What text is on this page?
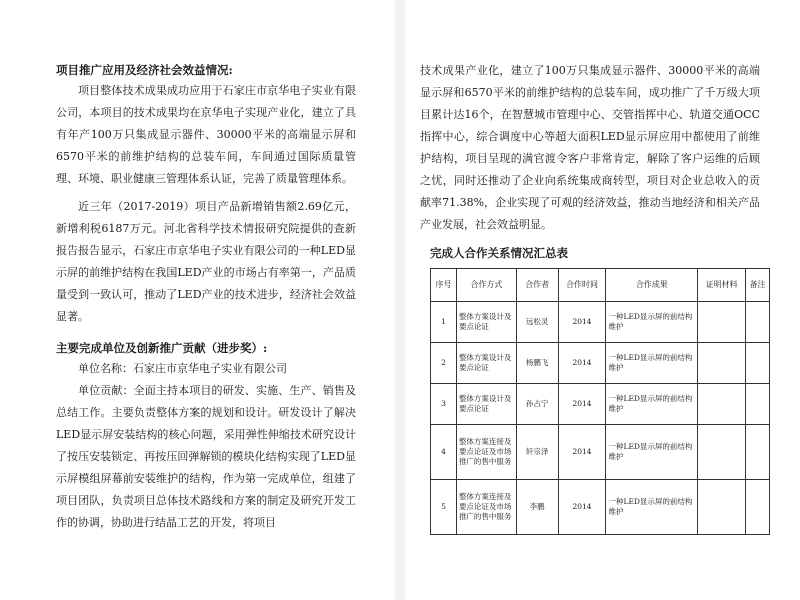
项目推广应用及经济社会效益情况:

项目整体技术成果成功应用于石家庄市京华电子实业有限公司，本项目的技术成果均在京华电子实现产业化，建立了具有年产100万只集成显示器件、30000平米的高端显示屏和6570平米的前维护结构的总装车间，车间通过国际质量管理、环境、职业健康三管理体系认证，完善了质量管理体系。

近三年（2017-2019）项目产品新增销售额2.69亿元，新增利税6187万元。河北省科学技术情报研究院提供的查新报告报告显示，石家庄市京华电子实业有限公司的一种LED显示屏的前维护结构在我国LED产业的市场占有率第一，产品质量受到一致认可，推动了LED产业的技术进步，经济社会效益显著。

主要完成单位及创新推广贡献（进步奖）:

单位名称：石家庄市京华电子实业有限公司

单位贡献：全面主持本项目的研发、实施、生产、销售及总结工作。主要负责整体方案的规划和设计。研发设计了解决LED显示屏安装结构的核心问题，采用弹性伸缩技术研究设计了按压安装锁定、再按压回弹解锁的模块化结构实现了LED显示屏模组屏幕前安装维护的结构，作为第一完成单位，组建了项目团队，负责项目总体技术路线和方案的制定及研究开发工作的协调，协助进行结晶工艺的开发，将项目

技术成果产业化，建立了100万只集成显示器件、30000平米的高端显示屏和6570平米的前维护结构的总装车间，成功推广了千万级大项目累计达16个，在智慧城市管理中心、交管指挥中心、轨道交通OCC指挥中心，综合调度中心等超大面积LED显示屏应用中都使用了前维护结构，项目呈现的满官渡令客户非常肯定，解除了客户运维的后顾之忧，同时还推动了企业向系统集成商转型，项目对企业总收入的贡献率71.38%，企业实现了可观的经济效益，推动当地经济和相关产品产业发展，社会效益明显。

完成人合作关系情况汇总表

序号	合作方式	合作者	合作时间	合作成果	证明材料	备注
1	整体方案设计及要点论证	远松灵	2014	一种LED显示屏的前结构维护		
2	整体方案设计及要点论证	杨鹏飞	2014	一种LED显示屏的前结构维护		
3	整体方案设计及要点论证	孙占宁	2014	一种LED显示屏的前结构维护		
4	整体方案连接及要点论证及市场推广的售中服务	轩宗泽	2014	一种LED显示屏的前结构维护		
5	整体方案连接及要点论证及市场推广的售中服务	李鹏	2014	一种LED显示屏的前结构维护		
